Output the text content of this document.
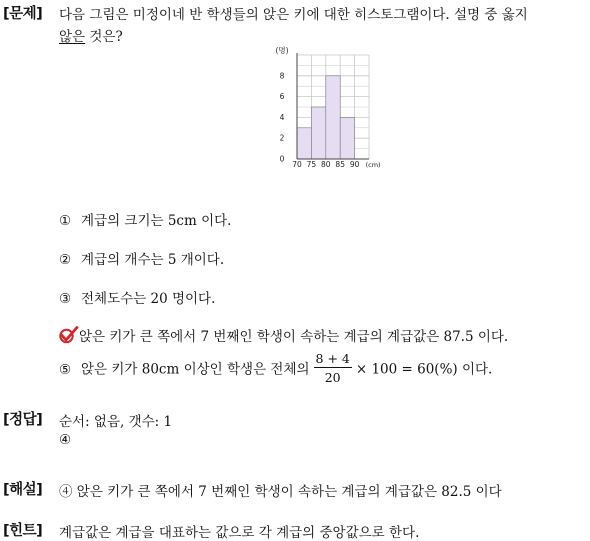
[문제] 다음 그림은 미정이네 반 학생들의 앉은 키에 대한 히스토그램이다. 설명 중 옳지
않은 것은?
0
2
4
6
8
(명)
70 75 80 85 90 (cm)
① 계급의 크기는 5cm 이다.
② 계급의 개수는 5 개이다.
③ 전체도수는 20 명이다.
앉은 키가 큰 쪽에서 7 번째인 학생이 속하는 계급의 계급값은 87.5 이다.
⑤ 앉은 키가 80cm 이상인 학생은 전체의 $\frac{8 + 4}{20} \times 100 = 60(\%)$ 이다.
[정답] 순서: 없음, 갯수: 1
④
[해설] ④ 앉은 키가 큰 쪽에서 7 번째인 학생이 속하는 계급의 계급값은 82.5 이다
[힌트] 계급값은 계급을 대표하는 값으로 각 계급의 중앙값으로 한다.
